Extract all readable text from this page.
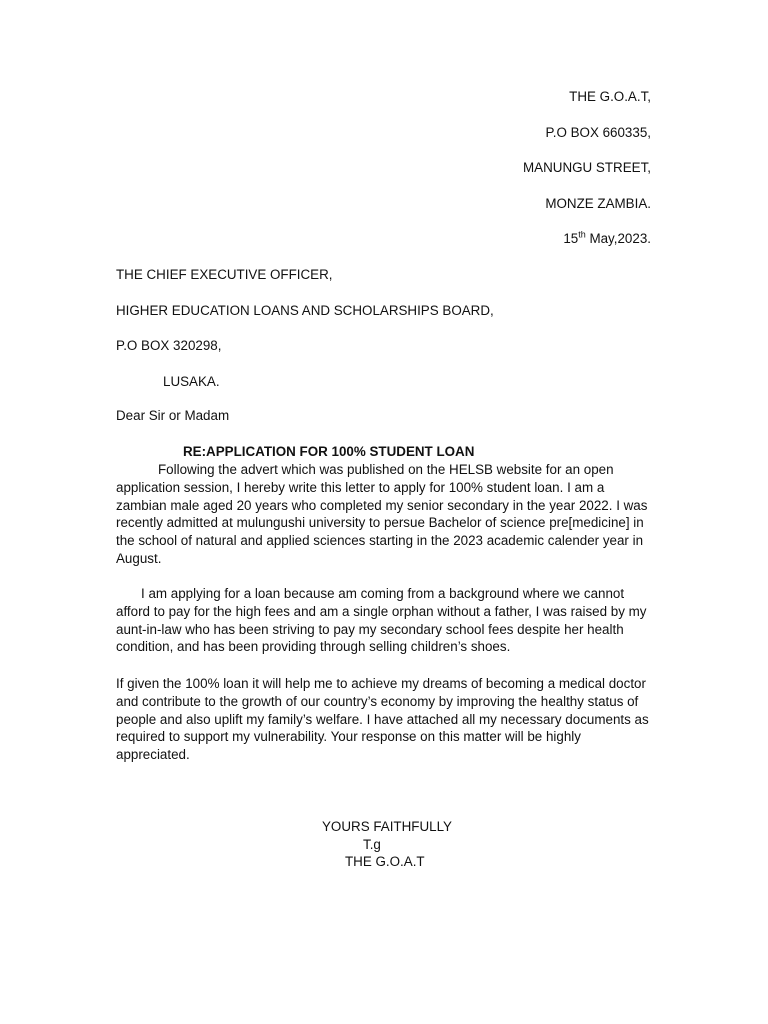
THE G.O.A.T,
P.O BOX 660335,
MANUNGU STREET,
MONZE ZAMBIA.
15th May,2023.
THE CHIEF EXECUTIVE OFFICER,
HIGHER EDUCATION LOANS AND SCHOLARSHIPS BOARD,
P.O BOX 320298,
LUSAKA.
Dear Sir or Madam
RE:APPLICATION FOR 100% STUDENT LOAN

Following the advert which was published on the HELSB website for an open application session, I hereby write this letter to apply for 100% student loan. I am a zambian male aged 20 years who completed my senior secondary in the year 2022. I was recently admitted at mulungushi university to persue Bachelor of science pre[medicine] in the school of natural and applied sciences starting in the 2023 academic calender year in August.

I am applying for a loan because am coming from a background where we cannot afford to pay for the high fees and am a single orphan without a father, I was raised by my aunt-in-law who has been striving to pay my secondary school fees despite her health condition, and has been providing through selling children’s shoes.

If given the 100% loan it will help me to achieve my dreams of becoming a medical doctor and contribute to the growth of our country’s economy by improving the healthy status of people and also uplift my family’s welfare. I have attached all my necessary documents as required to support my vulnerability. Your response on this matter will be highly appreciated.

YOURS FAITHFULLY
T.g
THE G.O.A.T
